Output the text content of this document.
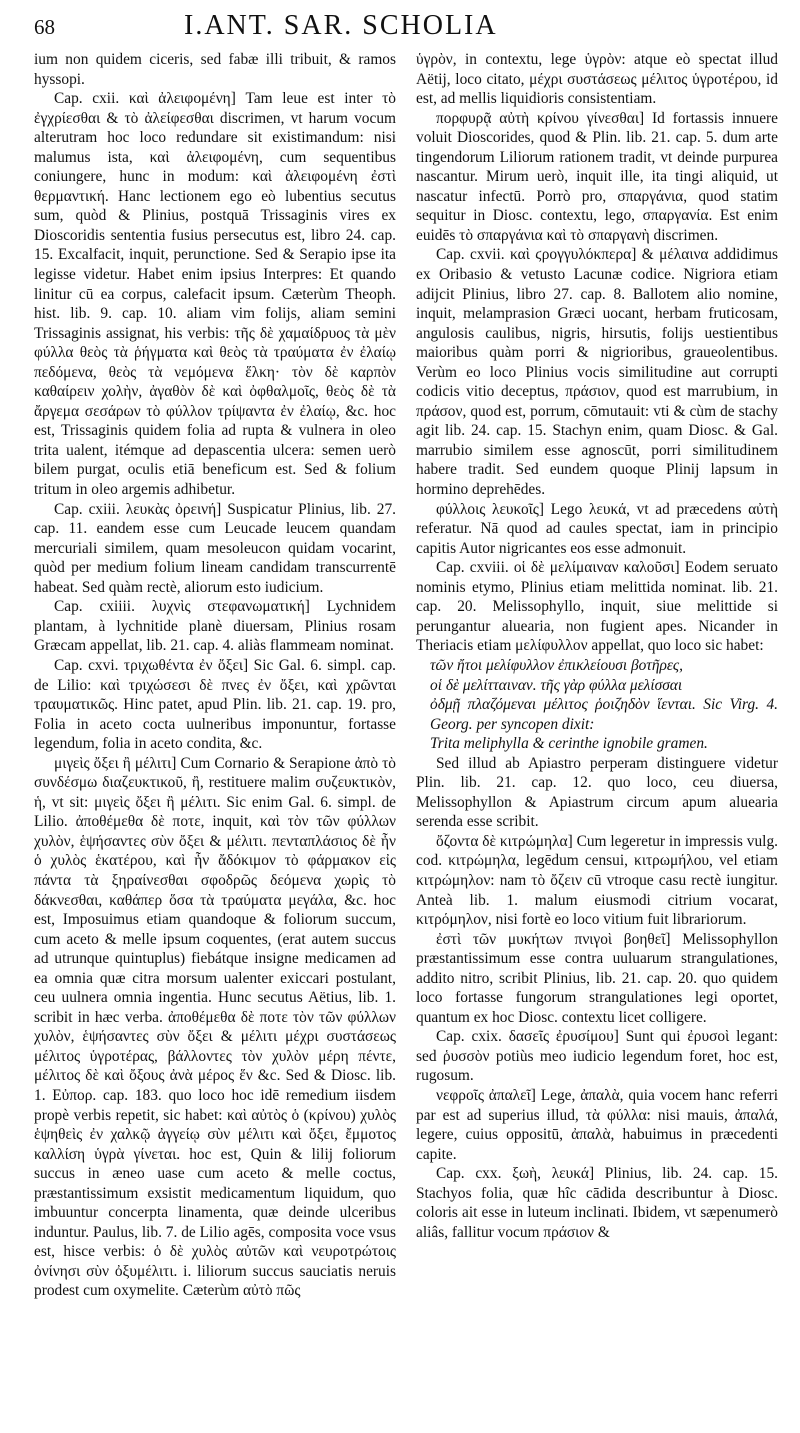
68	I.ANT. SAR. SCHOLIA

ium non quidem ciceris, sed fabæ illi tribuit, & ramos hyssopi.

Cap. cxii. καὶ ἀλειφομένη] Tam leue est inter τὸ ἐγχρίεσθαι & τὸ ἀλείφεσθαι discrimen, vt harum vocum alterutram hoc loco redundare sit existimandum: nisi malumus ista, καὶ ἀλειφομένη, cum sequentibus coniungere, hunc in modum: καὶ ἀλειφομένη ἐστὶ θερμαντική. Hanc lectionem ego eò lubentius secutus sum, quòd & Plinius, postquā Trissaginis vires ex Dioscoridis sententia fusius persecutus est, libro 24. cap. 15. Excalfacit, inquit, perunctione. Sed & Serapio ipse ita legisse videtur. Habet enim ipsius Interpres: Et quando linitur cū ea corpus, calefacit ipsum. Cæterùm Theoph. hist. lib. 9. cap. 10. aliam vim folijs, aliam semini Trissaginis assignat, his verbis: τῆς δὲ χαμαίδρυος τὰ μὲν φύλλα θεὸς τὰ ῥήγματα καὶ θεὸς τὰ τραύματα ἐν ἐλαίῳ πεδόμενα, θεὸς τὰ νεμόμενα ἕλκη· τὸν δὲ καρπὸν καθαίρειν χολὴν, ἀγαθὸν δὲ καὶ ὀφθαλμοῖς, θεὸς δὲ τὰ ἄργεμα σεσάρων τὸ φύλλον τρίψαντα ἐν ἐλαίῳ, &c. hoc est, Trissaginis quidem folia ad rupta & vulnera in oleo trita ualent, itémque ad depascentia ulcera: semen uerò bilem purgat, oculis etiā beneficum est. Sed & folium tritum in oleo argemis adhibetur.

Cap. cxiii. λευκὰς ὀρεινή] Suspicatur Plinius, lib. 27. cap. 11. eandem esse cum Leucade leucem quandam mercuriali similem, quam mesoleucon quidam vocarint, quòd per medium folium lineam candidam transcurrentē habeat. Sed quàm rectè, aliorum esto iudicium.

Cap. cxiiii. λυχνὶς στεφανωματική] Lychnidem plantam, à lychnitide planè diuersam, Plinius rosam Græcam appellat, lib. 21. cap. 4. aliàs flammeam nominat.

Cap. cxvi. τριχωθέντα ἐν ὄξει] Sic Gal. 6. simpl. cap. de Lilio: καὶ τριχώσεσι δὲ πνες ἐν ὄξει, καὶ χρῶνται τραυματικῶς. Hinc patet, apud Plin. lib. 21. cap. 19. pro, Folia in aceto cocta uulneribus imponuntur, fortasse legendum, folia in aceto condita, &c.

μιγεὶς ὄξει ἢ μέλιτι] Cum Cornario & Serapione ἀπὸ τὸ συνδέσμω διαζευκτικοῦ, ἢ, restituere malim συζευκτικὸν, ἡ, vt sit: μιγεὶς ὄξει ἢ μέλιτι. Sic enim Gal. 6. simpl. de Lilio. ἀποθέμεθα δὲ ποτε, inquit, καὶ τὸν τῶν φύλλων χυλὸν, ἑψήσαντες σὺν ὄξει & μέλιτι. πενταπλάσιος δὲ ἦν ὁ χυλὸς ἑκατέρου, καὶ ἦν ἄδόκιμον τὸ φάρμακον εἰς πάντα τὰ ξηραίνεσθαι σφοδρῶς δεόμενα χωρὶς τὸ δάκνεσθαι, καθάπερ ὅσα τὰ τραύματα μεγάλα, &c. hoc est, Imposuimus etiam quandoque & foliorum succum, cum aceto & melle ipsum coquentes, (erat autem succus ad utrunque quintuplus) fiebátque insigne medicamen ad ea omnia quæ citra morsum ualenter exiccari postulant, ceu uulnera omnia ingentia. Hunc secutus Aëtius, lib. 1. scribit in hæc verba. ἀποθέμεθα δὲ ποτε τὸν τῶν φύλλων χυλὸν, ἑψήσαντες σὺν ὄξει & μέλιτι μέχρι συστάσεως μέλιτος ὑγροτέρας, βάλλοντες τὸν χυλὸν μέρη πέντε, μέλιτος δὲ καὶ ὄξους ἀνὰ μέρος ἕν &c. Sed & Diosc. lib. 1. Εὐπορ. cap. 183. quo loco hoc idē remedium iisdem propè verbis repetit, sic habet: καὶ αὐτὸς ὁ (κρίνου) χυλὸς ἑψηθεὶς ἐν χαλκῷ ἀγγείῳ σὺν μέλιτι καὶ ὄξει, ἔμμοτος καλλίση ὑγρὰ γίνεται. hoc est, Quin & lilij foliorum succus in æneo uase cum aceto & melle coctus, præstantissimum exsistit medicamentum liquidum, quo imbuuntur concerpta linamenta, quæ deinde ulceribus induntur. Paulus, lib. 7. de Lilio agēs, composita voce vsus est, hisce verbis: ὁ δὲ χυλὸς αὐτῶν καὶ νευροτρώτοις ὀνίνησι σὺν ὀξυμέλιτι. i. liliorum succus sauciatis neruis prodest cum oxymelite. Cæterùm αὐτὸ πῶς

ὑγρὸν, in contextu, lege ὑγρὸν: atque eò spectat illud Aëtij, loco citato, μέχρι συστάσεως μέλιτος ὑγροτέρου, id est, ad mellis liquidioris consistentiam.

πορφυρᾷ αὐτὴ κρίνου γίνεσθαι] Id fortassis innuere voluit Dioscorides, quod & Plin. lib. 21. cap. 5. dum arte tingendorum Liliorum rationem tradit, vt deinde purpurea nascantur. Mirum uerò, inquit ille, ita tingi aliquid, ut nascatur infectū. Porrò pro, σπαργάνια, quod statim sequitur in Diosc. contextu, lego, σπαργανία. Est enim euidēs τὸ σπαργάνια καὶ τὸ σπαργανὴ discrimen.

Cap. cxvii. καὶ ϛρογγυλόκπερα] & μέλαινα addidimus ex Oribasio & vetusto Lacunæ codice. Nigriora etiam adijcit Plinius, libro 27. cap. 8. Ballotem alio nomine, inquit, melamprasion Græci uocant, herbam fruticosam, angulosis caulibus, nigris, hirsutis, folijs uestientibus maioribus quàm porri & nigrioribus, graueolentibus. Verùm eo loco Plinius vocis similitudine aut corrupti codicis vitio deceptus, πράσιον, quod est marrubium, in πράσον, quod est, porrum, cōmutauit: vti & cùm de stachy agit lib. 24. cap. 15. Stachyn enim, quam Diosc. & Gal. marrubio similem esse agnoscūt, porri similitudinem habere tradit. Sed eundem quoque Plinij lapsum in hormino deprehēdes.

φύλλοις λευκοῖς] Lego λευκά, vt ad præcedens αὐτὴ referatur. Nā quod ad caules spectat, iam in principio capitis Autor nigricantes eos esse admonuit.

Cap. cxviii. οἱ δὲ μελίμαιναν καλοῦσι] Eodem seruato nominis etymo, Plinius etiam melittida nominat. lib. 21. cap. 20. Melissophyllo, inquit, siue melittide si perungantur aluearia, non fugient apes. Nicander in Theriacis etiam μελίφυλλον appellat, quo loco sic habet:

τῶν ἤτοι μελίφυλλον ἐπικλείουσι βοτῆρες,

οἱ δὲ μελίτταιναν. τῆς γὰρ φύλλα μελίσσαι

ὀδμῇ πλαζόμεναι μέλιτος ῥοιζηδὸν ἵενται. Sic Virg. 4. Georg. per syncopen dixit:

Trita meliphylla & cerinthe ignobile gramen.

Sed illud ab Apiastro perperam distinguere videtur Plin. lib. 21. cap. 12. quo loco, ceu diuersa, Melissophyllon & Apiastrum circum apum aluearia serenda esse scribit.

ὄζοντα δὲ κιτρώμηλα] Cum legeretur in impressis vulg. cod. κιτρώμηλα, legēdum censui, κιτρωμήλου, vel etiam κιτρώμηλον: nam τὸ ὄζειν cū vtroque casu rectè iungitur. Anteà lib. 1. malum eiusmodi citrium vocarat, κιτρόμηλον, nisi fortè eo loco vitium fuit librariorum.

ἐστὶ τῶν μυκήτων πνιγοὶ βοηθεῖ] Melissophyllon præstantissimum esse contra uuluarum strangulationes, addito nitro, scribit Plinius, lib. 21. cap. 20. quo quidem loco fortasse fungorum strangulationes legi oportet, quantum ex hoc Diosc. contextu licet colligere.

Cap. cxix. δασεῖς ἐρυσίμου] Sunt qui ἐρυσοὶ legant: sed ῥυσσὸν potiùs meo iudicio legendum foret, hoc est, rugosum.

νεφροῖς ἀπαλεῖ] Lege, ἀπαλὰ, quia vocem hanc referri par est ad superius illud, τὰ φύλλα: nisi mauis, ἀπαλά, legere, cuius oppositū, ἀπαλὰ, habuimus in præcedenti capite.

Cap. cxx. ξωὴ, λευκά] Plinius, lib. 24. cap. 15. Stachyos folia, quæ hîc cādida describuntur à Diosc. coloris ait esse in luteum inclinati. Ibidem, vt sæpenumerò aliâs, fallitur vocum πράσιον &
